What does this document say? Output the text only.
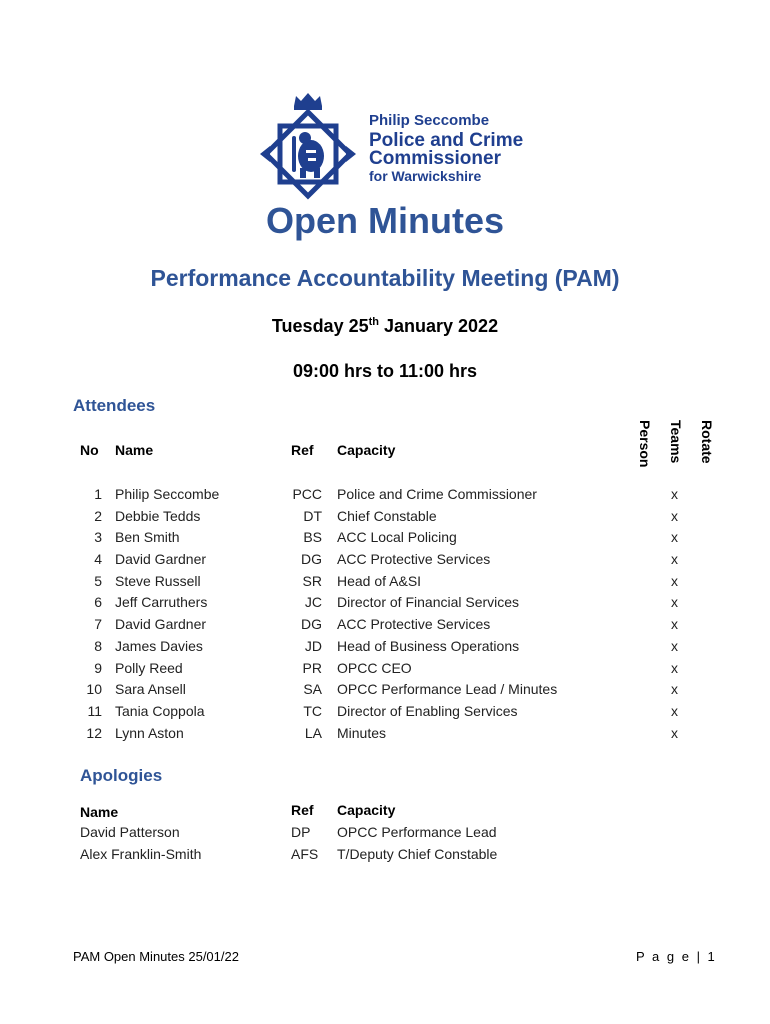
Philip Seccombe
Police and Crime
Commissioner
for Warwickshire
Open Minutes
Performance Accountability Meeting (PAM)
Tuesday 25th January 2022
09:00 hrs to 11:00 hrs
Attendees
No Name	Ref Capacity	Person Teams Rotate
1 Philip Seccombe	PCC Police and Crime Commissioner	x
2 Debbie Tedds	DT Chief Constable	x
3 Ben Smith	BS ACC Local Policing	x
4 David Gardner	DG ACC Protective Services	x
5 Steve Russell	SR Head of A&SI	x
6 Jeff Carruthers	JC Director of Financial Services	x
7 David Gardner	DG ACC Protective Services	x
8 James Davies	JD Head of Business Operations	x
9 Polly Reed	PR OPCC CEO	x
10 Sara Ansell	SA OPCC Performance Lead / Minutes	x
11 Tania Coppola	TC Director of Enabling Services	x
12 Lynn Aston	LA Minutes	x
Apologies
Name	Ref Capacity
David Patterson	DP OPCC Performance Lead
Alex Franklin-Smith	AFS T/Deputy Chief Constable
PAM Open Minutes 25/01/22	P a g e | 1
